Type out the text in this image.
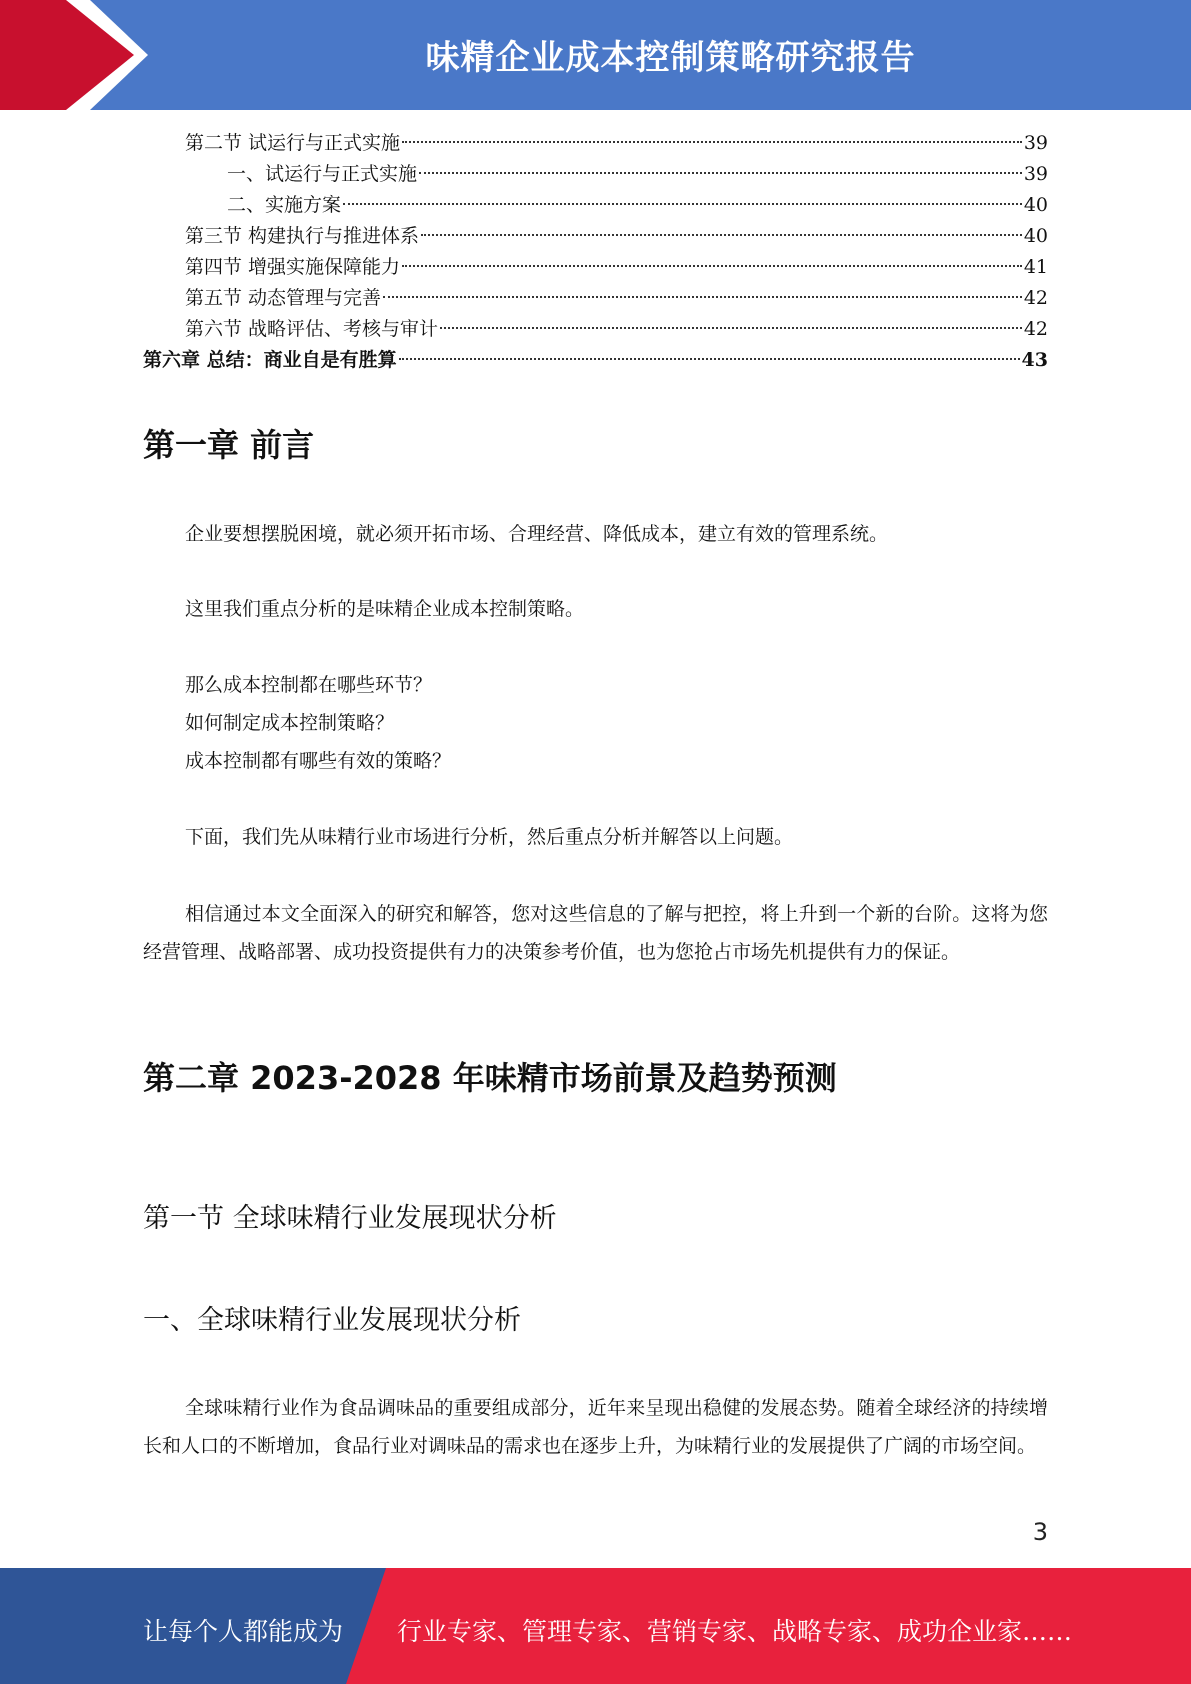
味精企业成本控制策略研究报告
第二节 试运行与正式实施	39
一、试运行与正式实施	39
二、实施方案	40
第三节 构建执行与推进体系	40
第四节 增强实施保障能力	41
第五节 动态管理与完善	42
第六节 战略评估、考核与审计	42
第六章 总结：商业自是有胜算	43
第一章 前言

企业要想摆脱困境，就必须开拓市场、合理经营、降低成本，建立有效的管理系统。

这里我们重点分析的是味精企业成本控制策略。

那么成本控制都在哪些环节？

如何制定成本控制策略？

成本控制都有哪些有效的策略？

下面，我们先从味精行业市场进行分析，然后重点分析并解答以上问题。

相信通过本文全面深入的研究和解答，您对这些信息的了解与把控，将上升到一个新的台阶。这将为您经营管理、战略部署、成功投资提供有力的决策参考价值，也为您抢占市场先机提供有力的保证。

第二章 2023-2028 年味精市场前景及趋势预测
第一节 全球味精行业发展现状分析
一、全球味精行业发展现状分析

全球味精行业作为食品调味品的重要组成部分，近年来呈现出稳健的发展态势。随着全球经济的持续增长和人口的不断增加，食品行业对调味品的需求也在逐步上升，为味精行业的发展提供了广阔的市场空间。

3
让每个人都能成为 行业专家、管理专家、营销专家、战略专家、成功企业家……
